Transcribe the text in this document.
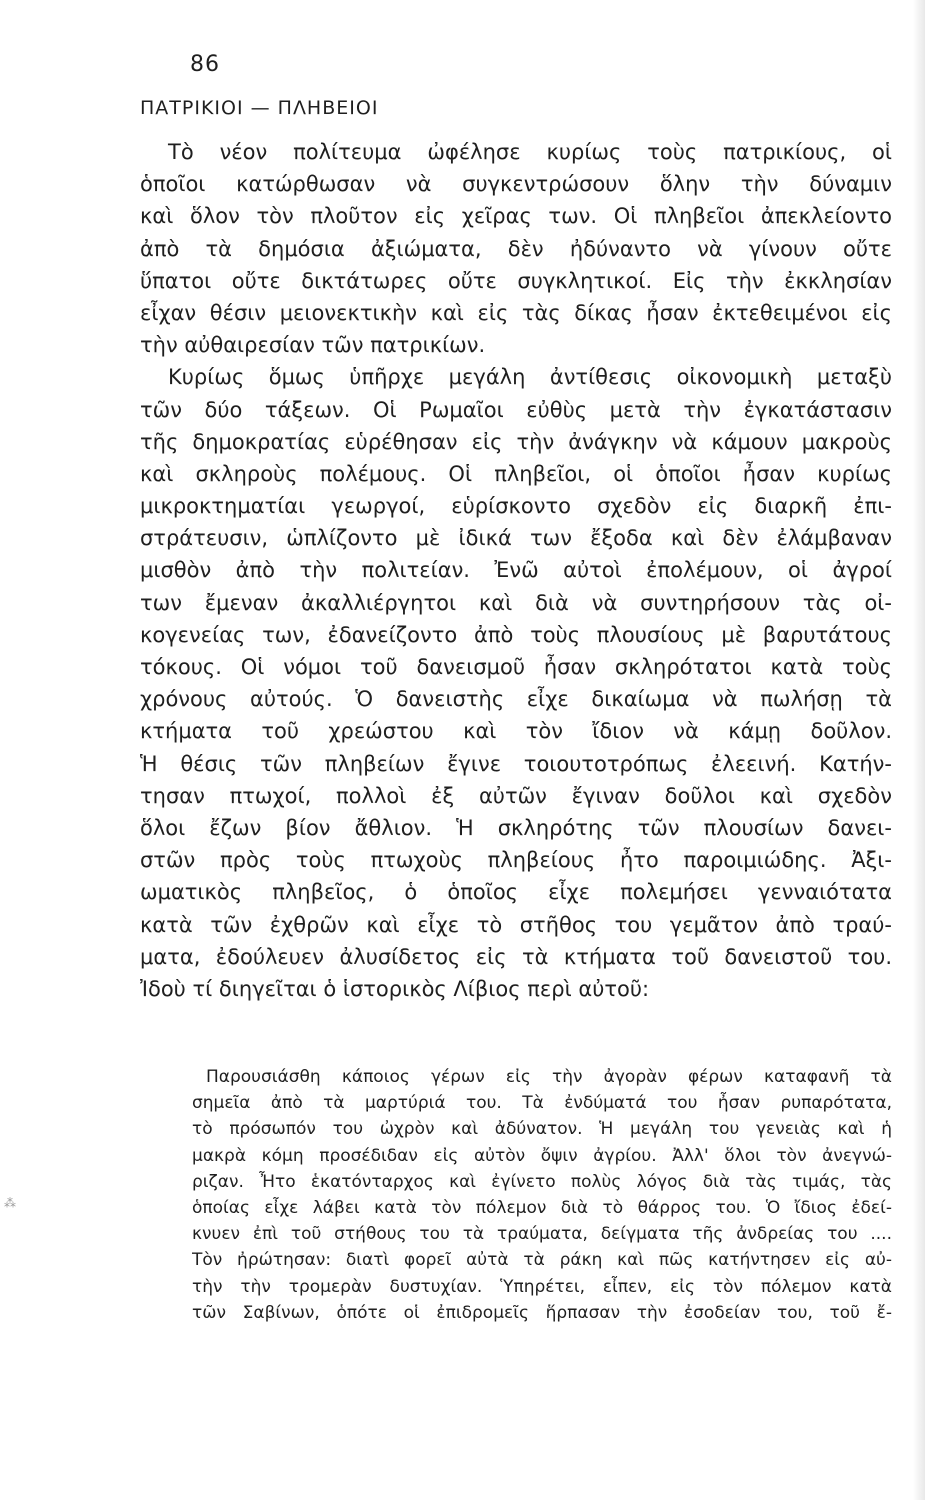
86
ΠΑΤΡΙΚΙΟΙ — ΠΛΗΒΕΙΟΙ
Τὸ νέον πολίτευμα ὠφέλησε κυρίως τοὺς πατρικίους, οἱ
ὁποῖοι κατώρθωσαν νὰ συγκεντρώσουν ὅλην τὴν δύναμιν
καὶ ὅλον τὸν πλοῦτον εἰς χεῖρας των. Οἱ πληβεῖοι ἀπεκλείοντο
ἀπὸ τὰ δημόσια ἀξιώματα, δὲν ἠδύναντο νὰ γίνουν οὔτε
ὕπατοι οὔτε δικτάτωρες οὔτε συγκλητικοί. Εἰς τὴν ἐκκλησίαν
εἶχαν θέσιν μειονεκτικὴν καὶ εἰς τὰς δίκας ἦσαν ἐκτεθειμένοι εἰς
τὴν αὐθαιρεσίαν τῶν πατρικίων.
Κυρίως ὅμως ὑπῆρχε μεγάλη ἀντίθεσις οἰκονομικὴ μεταξὺ
τῶν δύο τάξεων. Οἱ Ρωμαῖοι εὐθὺς μετὰ τὴν ἐγκατάστασιν
τῆς δημοκρατίας εὑρέθησαν εἰς τὴν ἀνάγκην νὰ κάμουν μακροὺς
καὶ σκληροὺς πολέμους. Οἱ πληβεῖοι, οἱ ὁποῖοι ἦσαν κυρίως
μικροκτηματίαι γεωργοί, εὑρίσκοντο σχεδὸν εἰς διαρκῆ ἐπι-
στράτευσιν, ὡπλίζοντο μὲ ἰδικά των ἔξοδα καὶ δὲν ἐλάμβαναν
μισθὸν ἀπὸ τὴν πολιτείαν. Ἐνῶ αὐτοὶ ἐπολέμουν, οἱ ἀγροί
των ἔμεναν ἀκαλλιέργητοι καὶ διὰ νὰ συντηρήσουν τὰς οἰ-
κογενείας των, ἐδανείζοντο ἀπὸ τοὺς πλουσίους μὲ βαρυτάτους
τόκους. Οἱ νόμοι τοῦ δανεισμοῦ ἦσαν σκληρότατοι κατὰ τοὺς
χρόνους αὐτούς. Ὁ δανειστὴς εἶχε δικαίωμα νὰ πωλήσῃ τὰ
κτήματα τοῦ χρεώστου καὶ τὸν ἴδιον νὰ κάμῃ δοῦλον.
Ἡ θέσις τῶν πληβείων ἔγινε τοιουτοτρόπως ἐλεεινή. Κατήν-
τησαν πτωχοί, πολλοὶ ἐξ αὐτῶν ἔγιναν δοῦλοι καὶ σχεδὸν
ὅλοι ἔζων βίον ἄθλιον. Ἡ σκληρότης τῶν πλουσίων δανει-
στῶν πρὸς τοὺς πτωχοὺς πληβείους ἦτο παροιμιώδης. Ἀξι-
ωματικὸς πληβεῖος, ὁ ὁποῖος εἶχε πολεμήσει γενναιότατα
κατὰ τῶν ἐχθρῶν καὶ εἶχε τὸ στῆθος του γεμᾶτον ἀπὸ τραύ-
ματα, ἐδούλευεν ἀλυσίδετος εἰς τὰ κτήματα τοῦ δανειστοῦ του.
Ἰδοὺ τί διηγεῖται ὁ ἱστορικὸς Λίβιος περὶ αὐτοῦ:
Παρουσιάσθη κάποιος γέρων εἰς τὴν ἀγορὰν φέρων καταφανῆ τὰ
σημεῖα ἀπὸ τὰ μαρτύριά του. Τὰ ἐνδύματά του ἦσαν ρυπαρότατα,
τὸ πρόσωπόν του ὠχρὸν καὶ ἀδύνατον. Ἡ μεγάλη του γενειὰς καὶ ἡ
μακρὰ κόμη προσέδιδαν εἰς αὐτὸν ὄψιν ἀγρίου. Ἀλλ' ὅλοι τὸν ἀνεγνώ-
ριζαν. Ἦτο ἑκατόνταρχος καὶ ἐγίνετο πολὺς λόγος διὰ τὰς τιμάς, τὰς
ὁποίας εἶχε λάβει κατὰ τὸν πόλεμον διὰ τὸ θάρρος του. Ὁ ἴδιος ἐδεί-
κνυεν ἐπὶ τοῦ στήθους του τὰ τραύματα, δείγματα τῆς ἀνδρείας του ....
Τὸν ἠρώτησαν: διατὶ φορεῖ αὐτὰ τὰ ράκη καὶ πῶς κατήντησεν εἰς αὐ-
τὴν τὴν τρομερὰν δυστυχίαν. Ὑπηρέτει, εἶπεν, εἰς τὸν πόλεμον κατὰ
τῶν Σαβίνων, ὁπότε οἱ ἐπιδρομεῖς ἥρπασαν τὴν ἐσοδείαν του, τοῦ ἔ-
⁂
